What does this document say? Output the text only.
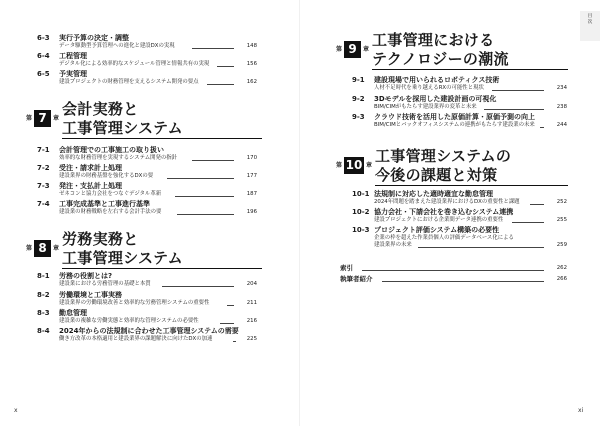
6-3	実行予算の決定・調整
データ駆動型予算管理への進化と建設DXの実現	148
6-4	工程管理
デジタル化による効率的なスケジュール管理と情報共有の実現	156
6-5	予実管理
建設プロジェクトの財務管理を支えるシステム開発の要点	162
第 7	章
会計実務と
工事管理システム
7-1	会計管理での工事施工の取り扱い
効率的な財務管理を実現するシステム開発の指針	170
7-2	受注・請求計上処理
建設業界の財務基盤を強化するDXの要	177
7-3	発注・支払計上処理
ゼネコンと協力会社をつなぐデジタル革新	187
7-4	工事完成基準と工事進行基準
建設業の財務戦略を左右する会計手法の要	196
第 8	章
労務実務と
工事管理システム
8-1	労務の役割とは?
建設業における労務管理の基礎と本質	204
8-2	労働環境と工事実務
建設業界の労働環境改善と効率的な労務管理システムの重要性	211
8-3	勤怠管理
建設業の複雑な労働実態と効率的な管理システムの必要性	216
8-4	2024年からの法規制に合わせた工事管理システムの需要
働き方改革の本格適用と建設業界の課題解決に向けたDXの加速	225
x
第 9	章
工事管理における
テクノロジーの潮流
9-1	建設現場で用いられるロボティクス技術
人材不足時代を乗り越えるRXの可能性と現状	234
9-2	3Dモデルを採用した建設計画の可視化
BIM/CIMがもたらす建設業界の変革と未来	238
9-3	クラウド技術を活用した原価計算・原価予測の向上
BIM/CIMとバックオフィスシステムの連携がもたらす建設業の未来	244
第 10 章
工事管理システムの
今後の課題と対策
10-1 法規制に対応した適時適宜な勤怠管理
2024年問題を踏まえた建設業界におけるDXの重要性と課題	252
10-2 協力会社・下請会社を巻き込むシステム連携
建設プロジェクトにおける企業間データ連携の重要性	255
10-3 プロジェクト評価システム構築の必要性
企業の枠を超えた作業員個人の評価データベース化による
建設業界の未来	259
索引	262
執筆者紹介	266
目
次
xi
